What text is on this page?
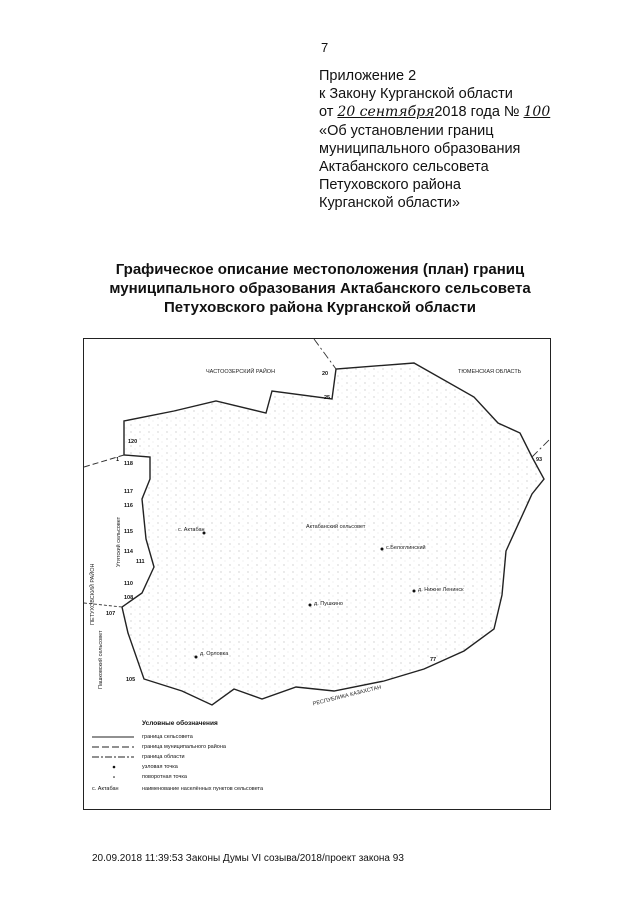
7
Приложение 2
к Закону Курганской области
от 20 сентября2018 года № 100
«Об установлении границ
муниципального образования
Актабанского сельсовета
Петуховского района
Курганской области»
Графическое описание местоположения (план) границ
муниципального образования Актабанского сельсовета
Петуховского района Курганской области
ЧАСТООЗЕРСКИЙ РАЙОН	ТЮМЕНСКАЯ ОБЛАСТЬ
РЕСПУБЛИКА КАЗАХСТАН
ПЕТУХОВСКИЙ РАЙОН
Утятский сельсовет
Пашковский сельсовет
Актабанский сельсовет
с. Актабан
с.Белоглинский
д. Нижне Ленинск
д. Пушкино
д. Орловка
20
25
120
1
118
117
116
115
114
111
110
108
107
105
77
93
Условные обозначения
граница сельсовета
граница муниципального района
граница области
узловая точка
поворотная точка
с. Актабан	наименование населённых пунктов сельсовета
20.09.2018 11:39:53 Законы Думы VI созыва/2018/проект закона 93
